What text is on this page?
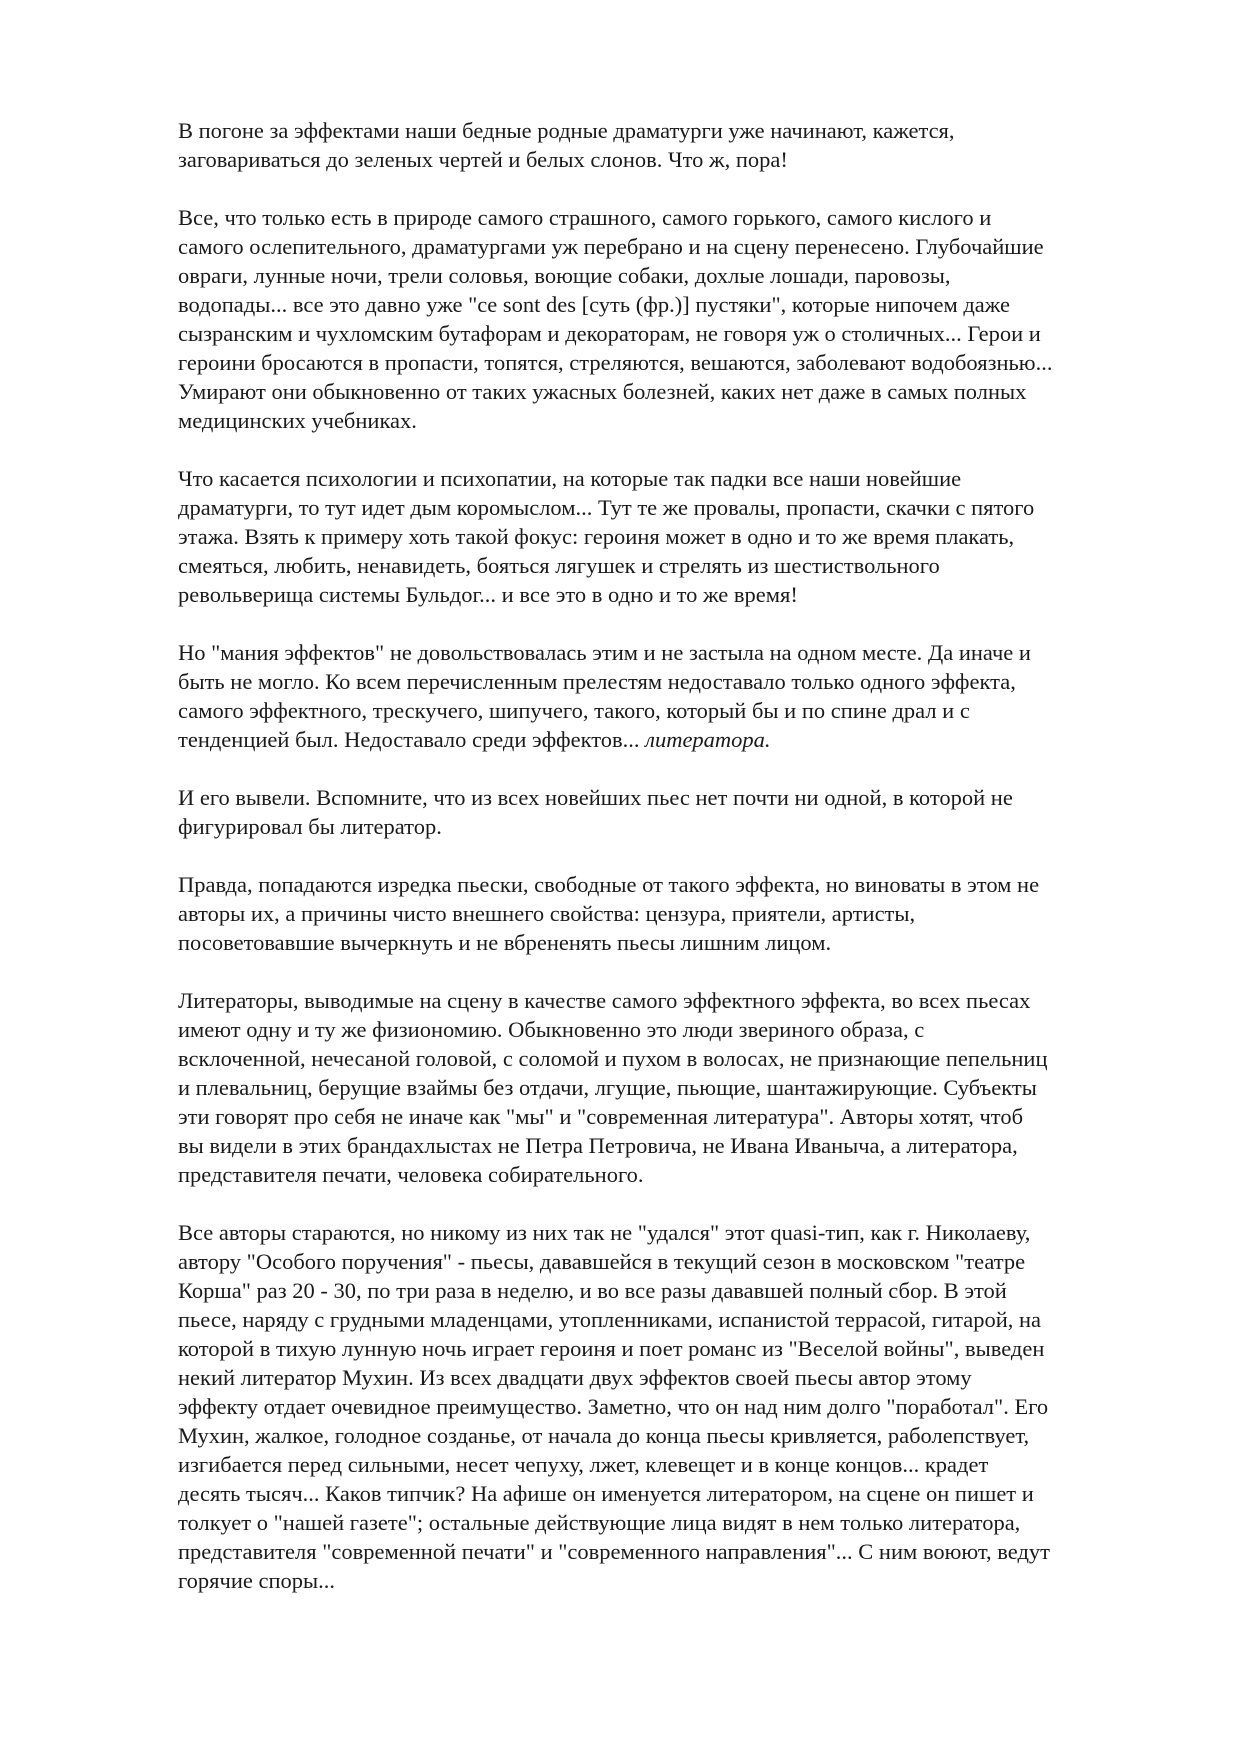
В погоне за эффектами наши бедные родные драматурги уже начинают, кажется,
заговариваться до зеленых чертей и белых слонов. Что ж, пора!

Все, что только есть в природе самого страшного, самого горького, самого кислого и
самого ослепительного, драматургами уж перебрано и на сцену перенесено. Глубочайшие
овраги, лунные ночи, трели соловья, воющие собаки, дохлые лошади, паровозы,
водопады... все это давно уже "ce sont des [суть (фр.)] пустяки", которые нипочем даже
сызранским и чухломским бутафорам и декораторам, не говоря уж о столичных... Герои и
героини бросаются в пропасти, топятся, стреляются, вешаются, заболевают водобоязнью...
Умирают они обыкновенно от таких ужасных болезней, каких нет даже в самых полных
медицинских учебниках.

Что касается психологии и психопатии, на которые так падки все наши новейшие
драматурги, то тут идет дым коромыслом... Тут те же провалы, пропасти, скачки с пятого
этажа. Взять к примеру хоть такой фокус: героиня может в одно и то же время плакать,
смеяться, любить, ненавидеть, бояться лягушек и стрелять из шестиствольного
револьверища системы Бульдог... и все это в одно и то же время!

Но "мания эффектов" не довольствовалась этим и не застыла на одном месте. Да иначе и
быть не могло. Ко всем перечисленным прелестям недоставало только одного эффекта,
самого эффектного, трескучего, шипучего, такого, который бы и по спине драл и с
тенденцией был. Недоставало среди эффектов... литератора.

И его вывели. Вспомните, что из всех новейших пьес нет почти ни одной, в которой не
фигурировал бы литератор.

Правда, попадаются изредка пьески, свободные от такого эффекта, но виноваты в этом не
авторы их, а причины чисто внешнего свойства: цензура, приятели, артисты,
посоветовавшие вычеркнуть и не вбрененять пьесы лишним лицом.

Литераторы, выводимые на сцену в качестве самого эффектного эффекта, во всех пьесах
имеют одну и ту же физиономию. Обыкновенно это люди звериного образа, с
всклоченной, нечесаной головой, с соломой и пухом в волосах, не признающие пепельниц
и плевальниц, берущие взаймы без отдачи, лгущие, пьющие, шантажирующие. Субъекты
эти говорят про себя не иначе как "мы" и "современная литература". Авторы хотят, чтоб
вы видели в этих брандахлыстах не Петра Петровича, не Ивана Иваныча, а литератора,
представителя печати, человека собирательного.

Все авторы стараются, но никому из них так не "удался" этот quasi-тип, как г. Николаеву,
автору "Особого поручения" - пьесы, дававшейся в текущий сезон в московском "театре
Корша" раз 20 - 30, по три раза в неделю, и во все разы дававшей полный сбор. В этой
пьесе, наряду с грудными младенцами, утопленниками, испанистой террасой, гитарой, на
которой в тихую лунную ночь играет героиня и поет романс из "Веселой войны", выведен
некий литератор Мухин. Из всех двадцати двух эффектов своей пьесы автор этому
эффекту отдает очевидное преимущество. Заметно, что он над ним долго "поработал". Его
Мухин, жалкое, голодное созданье, от начала до конца пьесы кривляется, раболепствует,
изгибается перед сильными, несет чепуху, лжет, клевещет и в конце концов... крадет
десять тысяч... Каков типчик? На афише он именуется литератором, на сцене он пишет и
толкует о "нашей газете"; остальные действующие лица видят в нем только литератора,
представителя "современной печати" и "современного направления"... С ним воюют, ведут
горячие споры...
